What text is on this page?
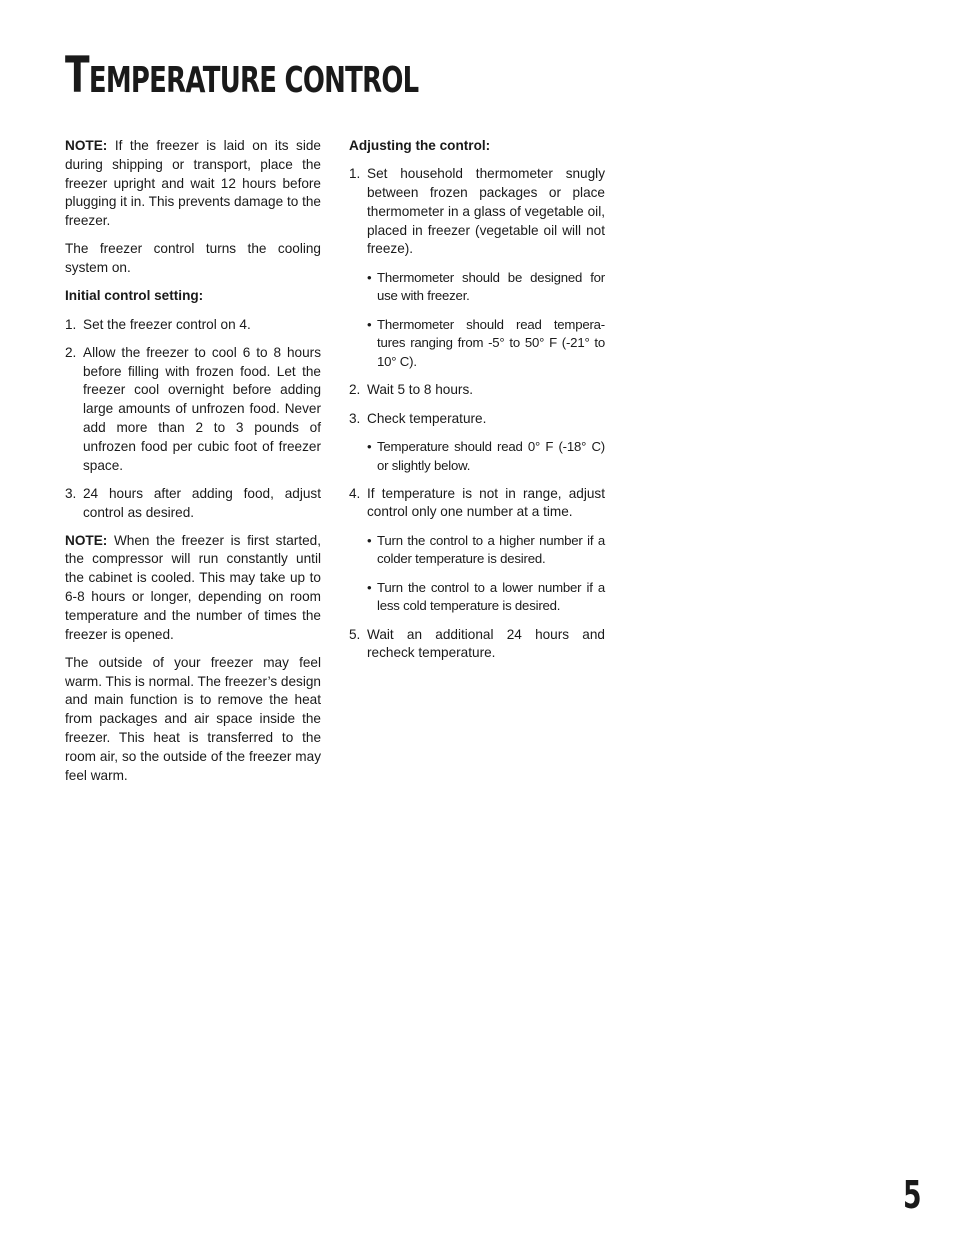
TEMPERATURE CONTROL

NOTE: If the freezer is laid on its side during shipping or transport, place the freezer upright and wait 12 hours before plugging it in. This prevents damage to the freezer.

The freezer control turns the cooling system on.

Initial control setting:

1. Set the freezer control on 4.
2. Allow the freezer to cool 6 to 8 hours before filling with frozen food. Let the freezer cool overnight before adding large amounts of unfrozen food. Never add more than 2 to 3 pounds of unfrozen food per cubic foot of freezer space.
3. 24 hours after adding food, adjust control as desired.

NOTE: When the freezer is first started, the compressor will run constantly until the cabinet is cooled. This may take up to 6-8 hours or longer, depending on room temperature and the number of times the freezer is opened.

The outside of your freezer may feel warm. This is normal. The freezer’s design and main function is to remove the heat from packages and air space inside the freezer. This heat is transferred to the room air, so the outside of the freezer may feel warm.

Adjusting the control:

1. Set household thermometer snugly between frozen packages or place thermometer in a glass of vegetable oil, placed in freezer (vegetable oil will not freeze).
• Thermometer should be designed for use with freezer.
• Thermometer should read tempera-tures ranging from -5° to 50° F (-21° to 10° C).
2. Wait 5 to 8 hours.
3. Check temperature.
• Temperature should read 0° F (-18° C) or slightly below.
4. If temperature is not in range, adjust control only one number at a time.
• Turn the control to a higher number if a colder temperature is desired.
• Turn the control to a lower number if a less cold temperature is desired.
5. Wait an additional 24 hours and recheck temperature.
5
